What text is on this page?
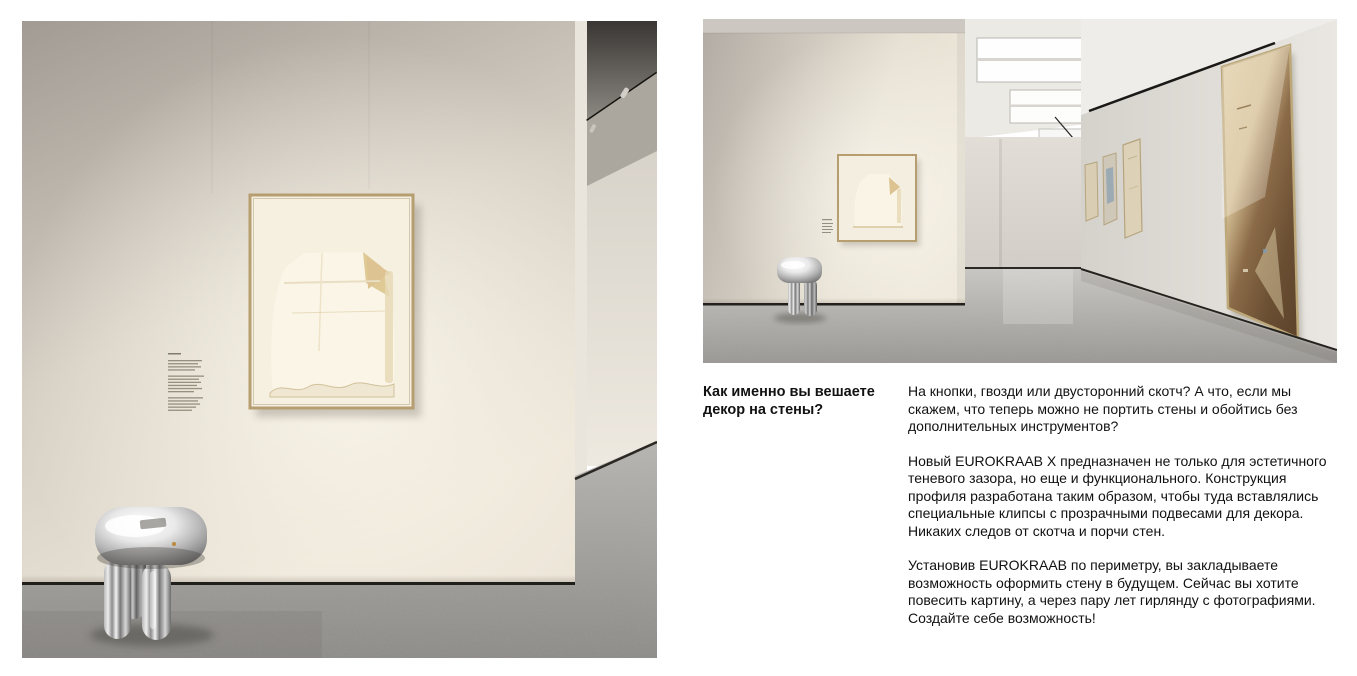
Как именно вы вешаете декор на стены?

На кнопки, гвозди или двусторонний скотч? А что, если мы скажем, что теперь можно не портить стены и обойтись без дополнительных инструментов?

Новый EUROKRAAB X предназначен не только для эстетичного теневого зазора, но еще и функционального. Конструкция профиля разработана таким образом, чтобы туда вставлялись специальные клипсы с прозрачными подвесами для декора. Никаких следов от скотча и порчи стен.

Установив EUROKRAAB по периметру, вы закладываете возможность оформить стену в будущем. Сейчас вы хотите повесить картину, а через пару лет гирлянду с фотографиями. Создайте себе возможность!
